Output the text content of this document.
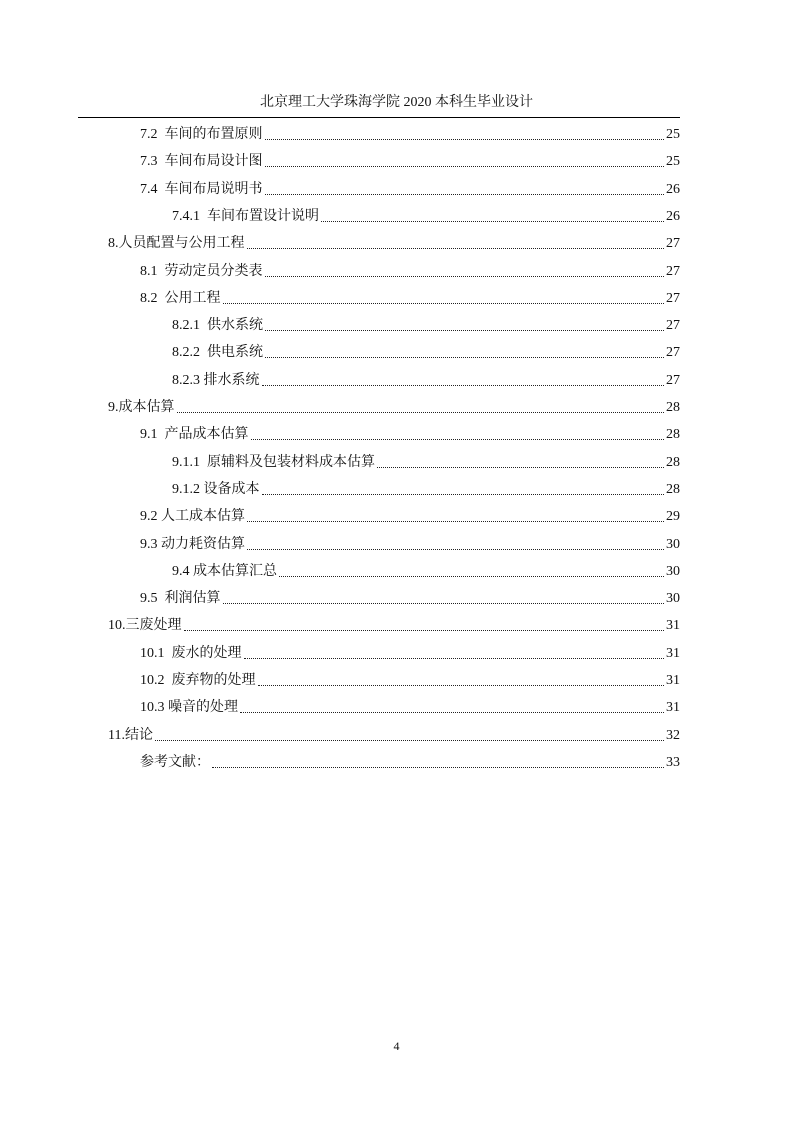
北京理工大学珠海学院 2020 本科生毕业设计
7.2  车间的布置原则	25
7.3  车间布局设计图	25
7.4  车间布局说明书	26
7.4.1  车间布置设计说明	26
8.人员配置与公用工程	27
8.1  劳动定员分类表	27
8.2  公用工程	27
8.2.1  供水系统	27
8.2.2  供电系统	27
8.2.3 排水系统	27
9.成本估算	28
9.1  产品成本估算	28
9.1.1  原辅料及包装材料成本估算	28
9.1.2 设备成本	28
9.2 人工成本估算	29
9.3 动力耗资估算	30
9.4 成本估算汇总	30
9.5  利润估算	30
10.三废处理	31
10.1  废水的处理	31
10.2  废弃物的处理	31
10.3 噪音的处理	31
11.结论	32
参考文献：	33
4
